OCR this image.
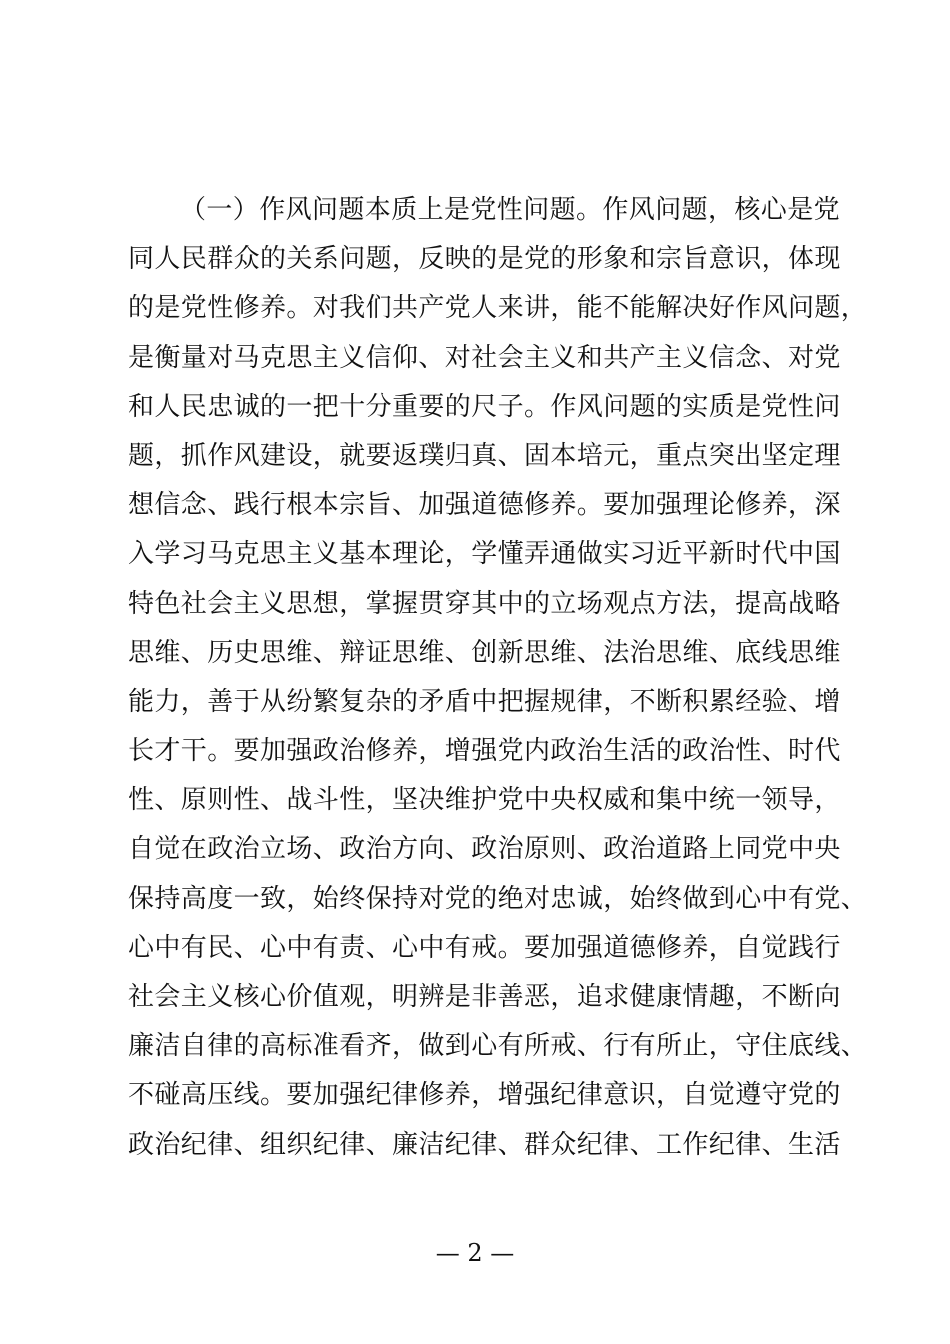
（一）作风问题本质上是党性问题。作风问题，核心是党
同人民群众的关系问题，反映的是党的形象和宗旨意识，体现
的是党性修养。对我们共产党人来讲，能不能解决好作风问题，
是衡量对马克思主义信仰、对社会主义和共产主义信念、对党
和人民忠诚的一把十分重要的尺子。作风问题的实质是党性问
题，抓作风建设，就要返璞归真、固本培元，重点突出坚定理
想信念、践行根本宗旨、加强道德修养。要加强理论修养，深
入学习马克思主义基本理论，学懂弄通做实习近平新时代中国
特色社会主义思想，掌握贯穿其中的立场观点方法，提高战略
思维、历史思维、辩证思维、创新思维、法治思维、底线思维
能力，善于从纷繁复杂的矛盾中把握规律，不断积累经验、增
长才干。要加强政治修养，增强党内政治生活的政治性、时代
性、原则性、战斗性，坚决维护党中央权威和集中统一领导，
自觉在政治立场、政治方向、政治原则、政治道路上同党中央
保持高度一致，始终保持对党的绝对忠诚，始终做到心中有党、
心中有民、心中有责、心中有戒。要加强道德修养，自觉践行
社会主义核心价值观，明辨是非善恶，追求健康情趣，不断向
廉洁自律的高标准看齐，做到心有所戒、行有所止，守住底线、
不碰高压线。要加强纪律修养，增强纪律意识，自觉遵守党的
政治纪律、组织纪律、廉洁纪律、群众纪律、工作纪律、生活
— 2 —
